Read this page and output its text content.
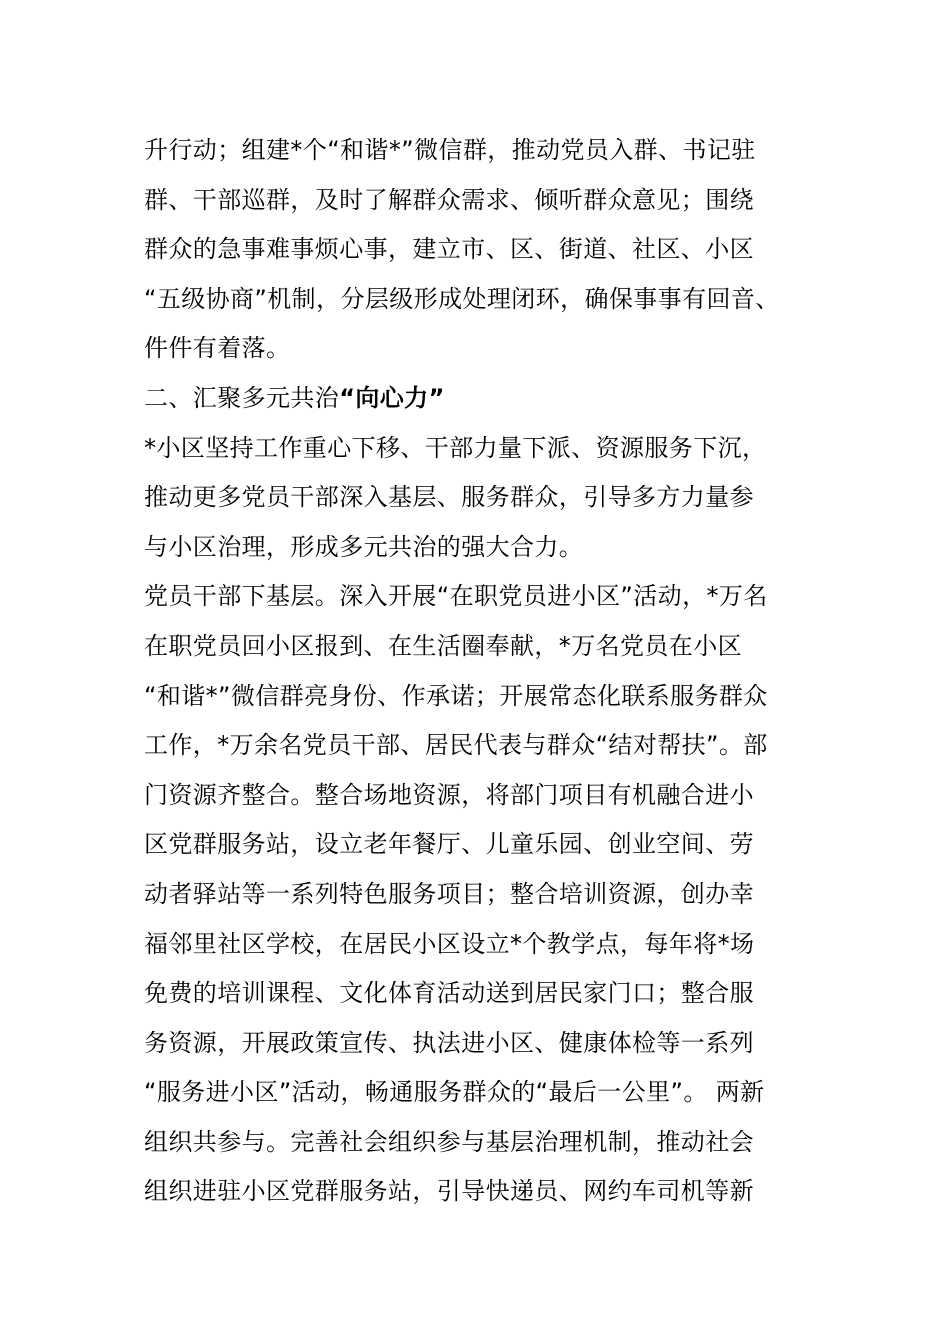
升行动；组建*个“和谐*”微信群，推动党员入群、书记驻
群、干部巡群，及时了解群众需求、倾听群众意见；围绕
群众的急事难事烦心事，建立市、区、街道、社区、小区
“五级协商”机制，分层级形成处理闭环，确保事事有回音、
件件有着落。
二、汇聚多元共治“向心力”
*小区坚持工作重心下移、干部力量下派、资源服务下沉，
推动更多党员干部深入基层、服务群众，引导多方力量参
与小区治理，形成多元共治的强大合力。
党员干部下基层。深入开展“在职党员进小区”活动，*万名
在职党员回小区报到、在生活圈奉献，*万名党员在小区
“和谐*”微信群亮身份、作承诺；开展常态化联系服务群众
工作，*万余名党员干部、居民代表与群众“结对帮扶”。部
门资源齐整合。整合场地资源，将部门项目有机融合进小
区党群服务站，设立老年餐厅、儿童乐园、创业空间、劳
动者驿站等一系列特色服务项目；整合培训资源，创办幸
福邻里社区学校，在居民小区设立*个教学点，每年将*场
免费的培训课程、文化体育活动送到居民家门口；整合服
务资源，开展政策宣传、执法进小区、健康体检等一系列
“服务进小区”活动，畅通服务群众的“最后一公里”。 两新
组织共参与。完善社会组织参与基层治理机制，推动社会
组织进驻小区党群服务站，引导快递员、网约车司机等新
